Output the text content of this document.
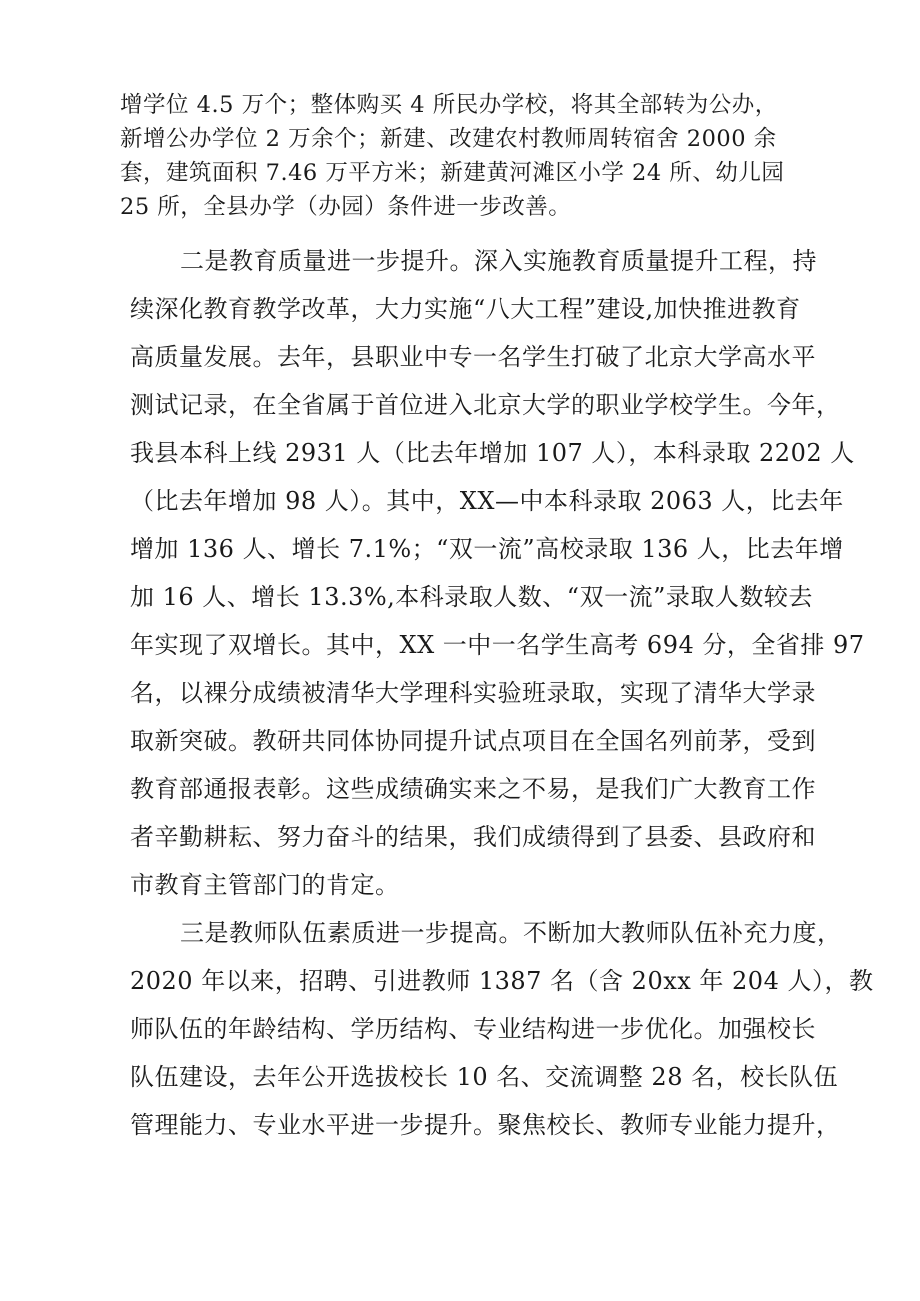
增学位 4.5 万个；整体购买 4 所民办学校，将其全部转为公办，
新增公办学位 2 万余个；新建、改建农村教师周转宿舍 2000 余
套，建筑面积 7.46 万平方米；新建黄河滩区小学 24 所、幼儿园
25 所，全县办学（办园）条件进一步改善。
二是教育质量进一步提升。深入实施教育质量提升工程，持
续深化教育教学改革，大力实施“八大工程”建设,加快推进教育
高质量发展。去年，县职业中专一名学生打破了北京大学高水平
测试记录，在全省属于首位进入北京大学的职业学校学生。今年，
我县本科上线 2931 人（比去年增加 107 人），本科录取 2202 人
（比去年增加 98 人）。其中，XX—中本科录取 2063 人，比去年
增加 136 人、增长 7.1%；“双一流”高校录取 136 人，比去年增
加 16 人、增长 13.3%,本科录取人数、“双一流”录取人数较去
年实现了双增长。其中，XX 一中一名学生高考 694 分，全省排 97
名，以裸分成绩被清华大学理科实验班录取，实现了清华大学录
取新突破。教研共同体协同提升试点项目在全国名列前茅，受到
教育部通报表彰。这些成绩确实来之不易，是我们广大教育工作
者辛勤耕耘、努力奋斗的结果，我们成绩得到了县委、县政府和
市教育主管部门的肯定。
三是教师队伍素质进一步提高。不断加大教师队伍补充力度，
2020 年以来，招聘、引进教师 1387 名（含 20xx 年 204 人），教
师队伍的年龄结构、学历结构、专业结构进一步优化。加强校长
队伍建设，去年公开选拔校长 10 名、交流调整 28 名，校长队伍
管理能力、专业水平进一步提升。聚焦校长、教师专业能力提升，
